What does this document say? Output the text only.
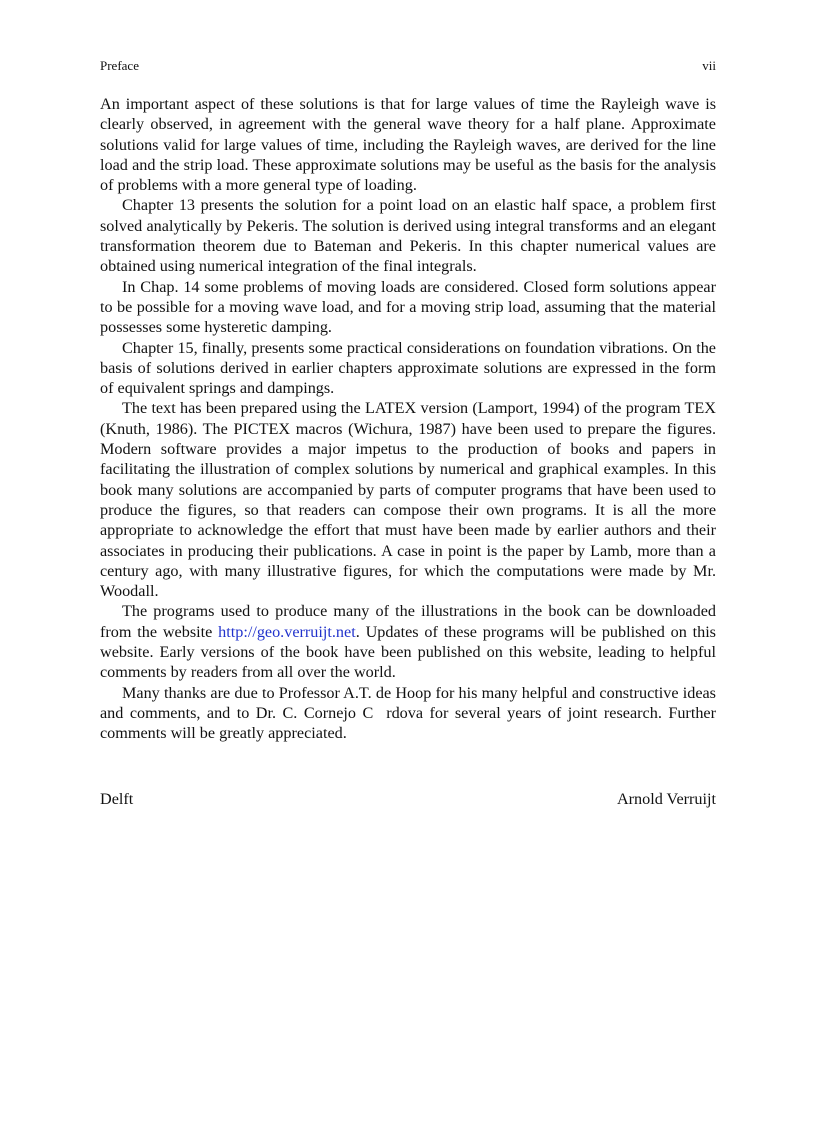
Preface	vii

An important aspect of these solutions is that for large values of time the Rayleigh wave is clearly observed, in agreement with the general wave theory for a half plane. Approximate solutions valid for large values of time, including the Rayleigh waves, are derived for the line load and the strip load. These approximate solutions may be useful as the basis for the analysis of problems with a more general type of loading.

Chapter 13 presents the solution for a point load on an elastic half space, a problem first solved analytically by Pekeris. The solution is derived using integral transforms and an elegant transformation theorem due to Bateman and Pekeris. In this chapter numerical values are obtained using numerical integration of the final integrals.

In Chap. 14 some problems of moving loads are considered. Closed form solutions appear to be possible for a moving wave load, and for a moving strip load, assuming that the material possesses some hysteretic damping.

Chapter 15, finally, presents some practical considerations on foundation vibrations. On the basis of solutions derived in earlier chapters approximate solutions are expressed in the form of equivalent springs and dampings.

The text has been prepared using the LATEX version (Lamport, 1994) of the program TEX (Knuth, 1986). The PICTEX macros (Wichura, 1987) have been used to prepare the figures. Modern software provides a major impetus to the production of books and papers in facilitating the illustration of complex solutions by numerical and graphical examples. In this book many solutions are accompanied by parts of computer programs that have been used to produce the figures, so that readers can compose their own programs. It is all the more appropriate to acknowledge the effort that must have been made by earlier authors and their associates in producing their publications. A case in point is the paper by Lamb, more than a century ago, with many illustrative figures, for which the computations were made by Mr. Woodall.

The programs used to produce many of the illustrations in the book can be downloaded from the website http://geo.verruijt.net. Updates of these programs will be published on this website. Early versions of the book have been published on this website, leading to helpful comments by readers from all over the world.

Many thanks are due to Professor A.T. de Hoop for his many helpful and constructive ideas and comments, and to Dr. C. Cornejo C  rdova for several years of joint research. Further comments will be greatly appreciated.

Delft	Arnold Verruijt
